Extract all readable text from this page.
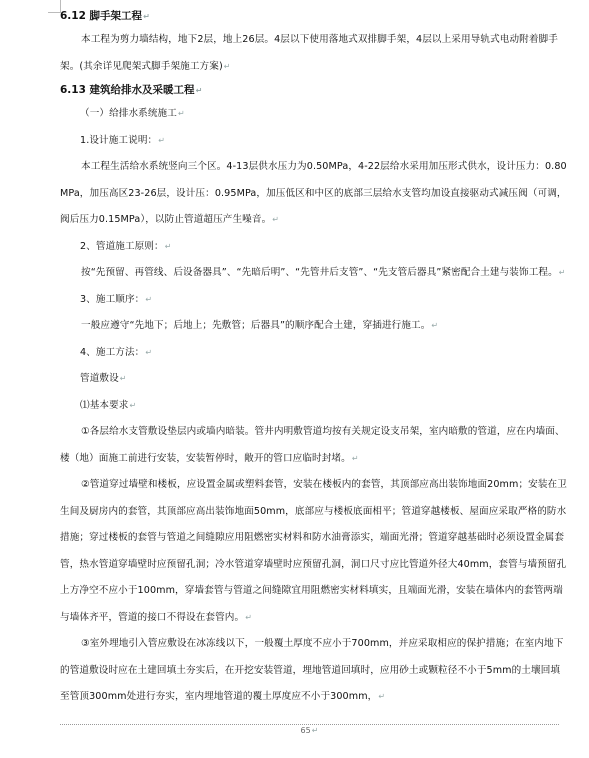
6.12 脚手架工程↵

本工程为剪力墙结构，地下2层，地上26层。4层以下使用落地式双排脚手架，4层以上采用导轨式电动附着脚手架。(其余详见爬架式脚手架施工方案)↵

6.13 建筑给排水及采暖工程↵

（一）给排水系统施工↵

1.设计施工说明：↵

本工程生活给水系统竖向三个区。4-13层供水压力为0.50MPa，4-22层给水采用加压形式供水，设计压力：0.80 MPa，加压高区23-26层，设计压：0.95MPa，加压低区和中区的底部三层给水支管均加设直接驱动式减压阀（可调，阀后压力0.15MPa），以防止管道超压产生噪音。↵

2、管道施工原则：↵

按“先预留、再管线、后设备器具”、“先暗后明”、“先管井后支管”、“先支管后器具”紧密配合土建与装饰工程。↵

3、施工顺序：↵

一般应遵守“先地下；后地上；先敷管；后器具”的顺序配合土建，穿插进行施工。↵

4、施工方法：↵

管道敷设↵

⑴基本要求↵

①各层给水支管敷设垫层内或墙内暗装。管井内明敷管道均按有关规定设支吊架，室内暗敷的管道，应在内墙面、楼（地）面施工前进行安装，安装暂停时，敞开的管口应临时封堵。↵

②管道穿过墙壁和楼板，应设置金属或塑料套管，安装在楼板内的套管，其顶部应高出装饰地面20mm；安装在卫生间及厨房内的套管，其顶部应高出装饰地面50mm，底部应与楼板底面相平；管道穿越楼板、屋面应采取严格的防水措施；穿过楼板的套管与管道之间缝隙应用阻燃密实材料和防水油膏添实，端面光滑；管道穿越基础时必须设置金属套管，热水管道穿墙壁时应预留孔洞；冷水管道穿墙壁时应预留孔洞，洞口尺寸应比管道外径大40mm，套管与墙预留孔上方净空不应小于100mm，穿墙套管与管道之间缝隙宜用阻燃密实材料填实，且端面光滑，安装在墙体内的套管两端与墙体齐平，管道的接口不得设在套管内。↵

③室外埋地引入管应敷设在冰冻线以下，一般覆土厚度不应小于700mm，并应采取相应的保护措施；在室内地下的管道敷设时应在土建回填土夯实后，在开挖安装管道，埋地管道回填时，应用砂土或颗粒径不小于5mm的土壤回填至管顶300mm处进行夯实，室内埋地管道的覆土厚度应不小于300mm，↵

65↵
